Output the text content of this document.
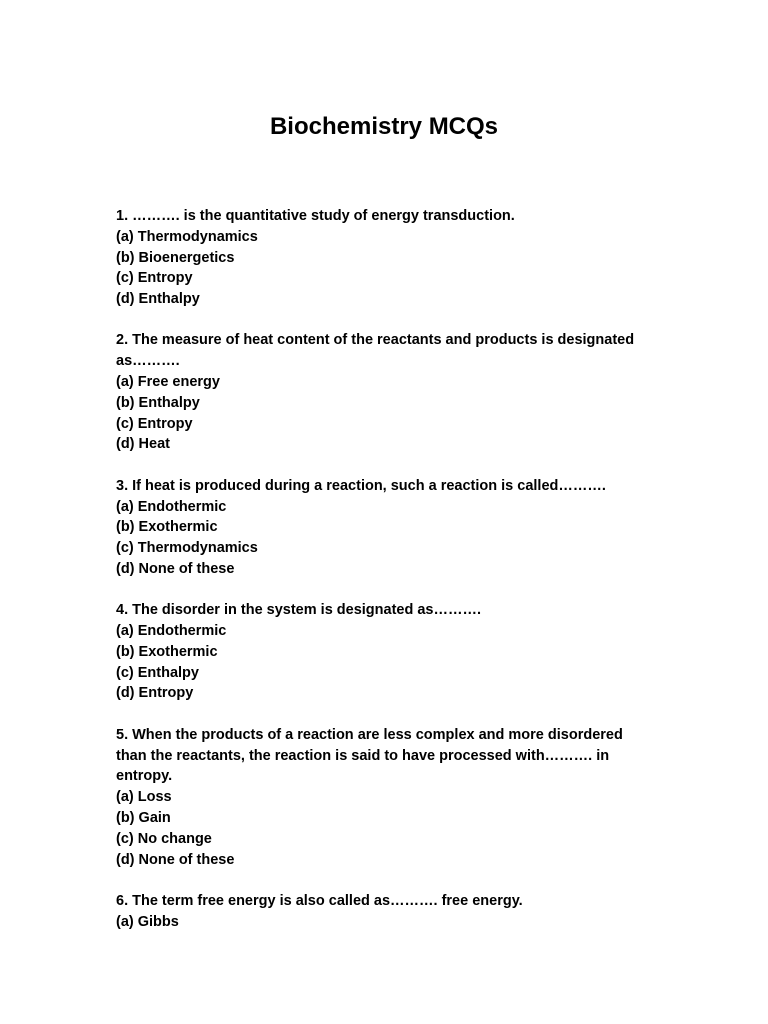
Biochemistry MCQs

1. ………. is the quantitative study of energy transduction.

(a) Thermodynamics
(b) Bioenergetics
(c) Entropy
(d) Enthalpy

2. The measure of heat content of the reactants and products is designated as……….

(a) Free energy
(b) Enthalpy
(c) Entropy
(d) Heat

3. If heat is produced during a reaction, such a reaction is called……….

(a) Endothermic
(b) Exothermic
(c) Thermodynamics
(d) None of these

4. The disorder in the system is designated as……….

(a) Endothermic
(b) Exothermic
(c) Enthalpy
(d) Entropy

5. When the products of a reaction are less complex and more disordered than the reactants, the reaction is said to have processed with………. in entropy.

(a) Loss
(b) Gain
(c) No change
(d) None of these

6. The term free energy is also called as………. free energy.

(a) Gibbs
